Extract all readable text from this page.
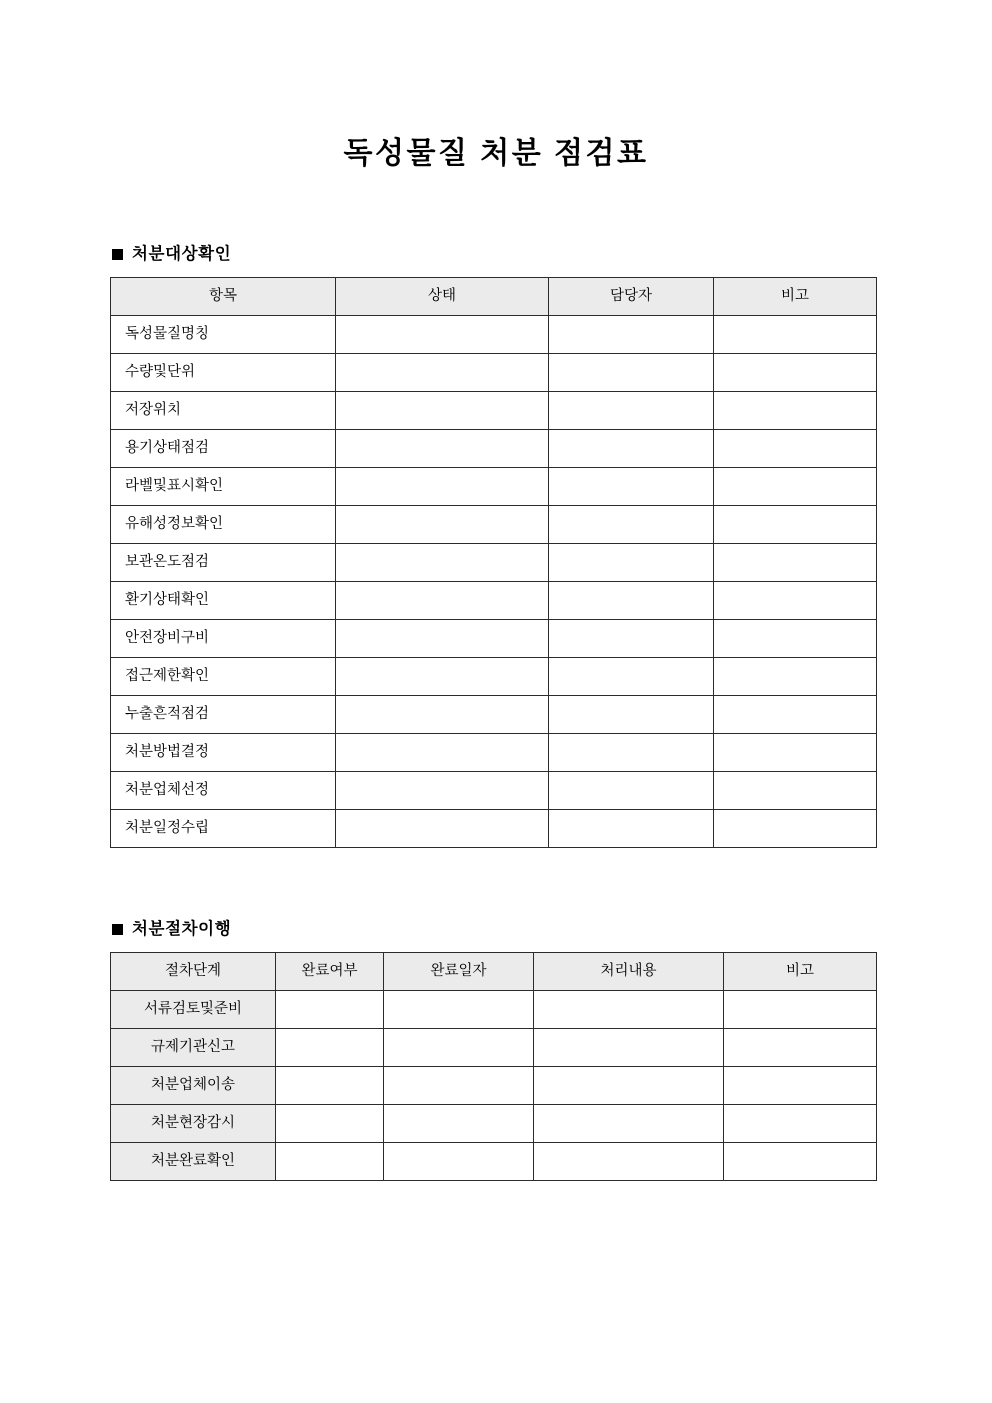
독성물질 처분 점검표
처분대상확인
항목	상태	담당자	비고
독성물질명칭			
수량및단위			
저장위치			
용기상태점검			
라벨및표시확인			
유해성정보확인			
보관온도점검			
환기상태확인			
안전장비구비			
접근제한확인			
누출흔적점검			
처분방법결정			
처분업체선정			
처분일정수립			
처분절차이행
절차단계	완료여부	완료일자	처리내용	비고
서류검토및준비				
규제기관신고				
처분업체이송				
처분현장감시				
처분완료확인				
